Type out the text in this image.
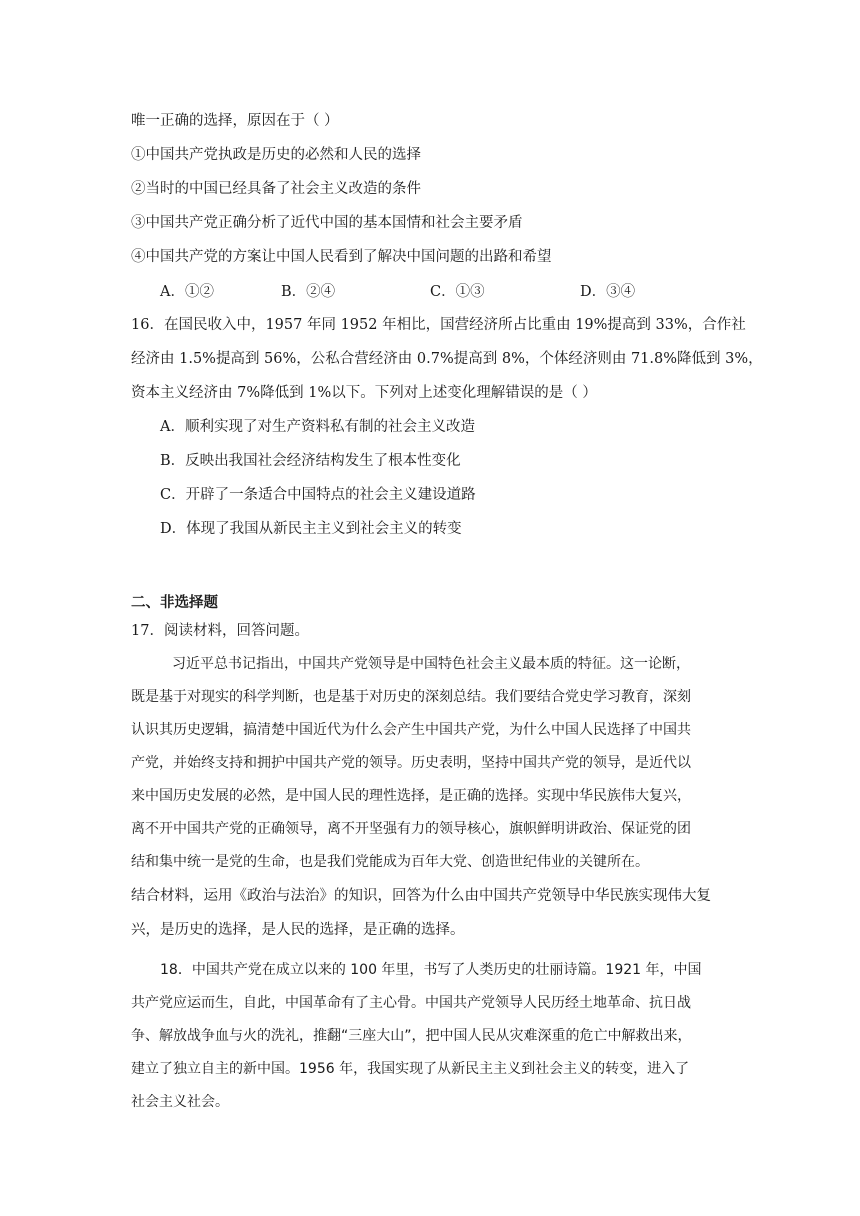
唯一正确的选择，原因在于（ ）
①中国共产党执政是历史的必然和人民的选择
②当时的中国已经具备了社会主义改造的条件
③中国共产党正确分析了近代中国的基本国情和社会主要矛盾
④中国共产党的方案让中国人民看到了解决中国问题的出路和希望
A．①②	B．②④	C．①③	D．③④
16．在国民收入中，1957 年同 1952 年相比，国营经济所占比重由 19%提高到 33%，合作社
经济由 1.5%提高到 56%，公私合营经济由 0.7%提高到 8%，个体经济则由 71.8%降低到 3%，
资本主义经济由 7%降低到 1%以下。下列对上述变化理解错误的是（ ）
A．顺利实现了对生产资料私有制的社会主义改造
B．反映出我国社会经济结构发生了根本性变化
C．开辟了一条适合中国特点的社会主义建设道路
D．体现了我国从新民主主义到社会主义的转变
二、非选择题
17．阅读材料，回答问题。
习近平总书记指出，中国共产党领导是中国特色社会主义最本质的特征。这一论断，
既是基于对现实的科学判断，也是基于对历史的深刻总结。我们要结合党史学习教育，深刻
认识其历史逻辑，搞清楚中国近代为什么会产生中国共产党，为什么中国人民选择了中国共
产党，并始终支持和拥护中国共产党的领导。历史表明，坚持中国共产党的领导，是近代以
来中国历史发展的必然，是中国人民的理性选择，是正确的选择。实现中华民族伟大复兴，
离不开中国共产党的正确领导，离不开坚强有力的领导核心，旗帜鲜明讲政治、保证党的团
结和集中统一是党的生命，也是我们党能成为百年大党、创造世纪伟业的关键所在。
结合材料，运用《政治与法治》的知识，回答为什么由中国共产党领导中华民族实现伟大复
兴，是历史的选择，是人民的选择，是正确的选择。
18．中国共产党在成立以来的 100 年里，书写了人类历史的壮丽诗篇。1921 年，中国
共产党应运而生，自此，中国革命有了主心骨。中国共产党领导人民历经土地革命、抗日战
争、解放战争血与火的洗礼，推翻“三座大山”，把中国人民从灾难深重的危亡中解救出来，
建立了独立自主的新中国。1956 年，我国实现了从新民主主义到社会主义的转变，进入了
社会主义社会。
